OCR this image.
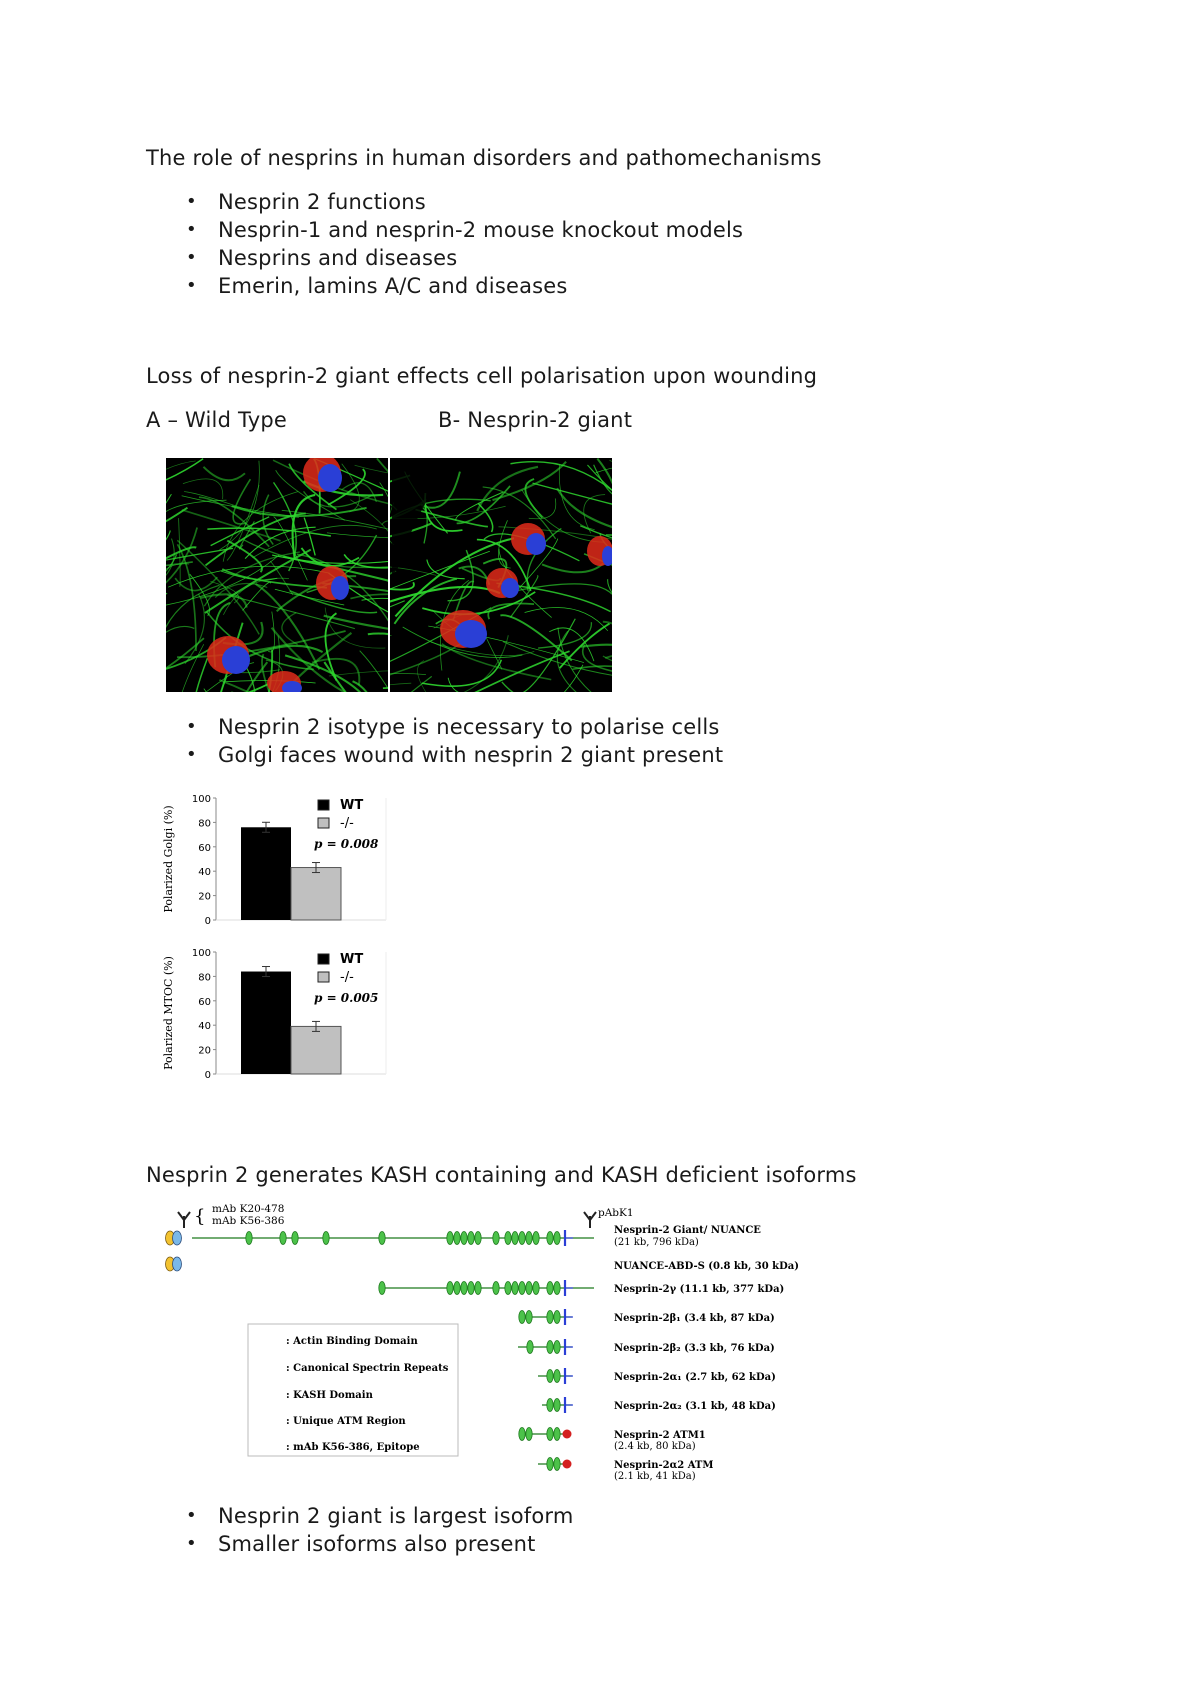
The role of nesprins in human disorders and pathomechanisms
• Nesprin 2 functions
• Nesprin-1 and nesprin-2 mouse knockout models
• Nesprins and diseases
• Emerin, lamins A/C and diseases
Loss of nesprin-2 giant effects cell polarisation upon wounding
A – Wild Type	B- Nesprin-2 giant
• Nesprin 2 isotype is necessary to polarise cells
• Golgi faces wound with nesprin 2 giant present
Polarized Golgi (%)
0
20
40
60
80
100	WT
-/-
p = 0.008
Polarized MTOC (%)
0
20
40
60
80
100	WT
-/-
p = 0.005
Nesprin 2 generates KASH containing and KASH deficient isoforms
{ mAb K20-478
mAb K56-386
pAbK1
Nesprin-2 Giant/ NUANCE
(21 kb, 796 kDa)
NUANCE-ABD-S (0.8 kb, 30 kDa)
Nesprin-2γ (11.1 kb, 377 kDa)
Nesprin-2β₁ (3.4 kb, 87 kDa)
Nesprin-2β₂ (3.3 kb, 76 kDa)
Nesprin-2α₁ (2.7 kb, 62 kDa)
Nesprin-2α₂ (3.1 kb, 48 kDa)
Nesprin-2 ATM1
(2.4 kb, 80 kDa)
Nesprin-2α2 ATM
(2.1 kb, 41 kDa)
: Actin Binding Domain
: Canonical Spectrin Repeats
: KASH Domain
: Unique ATM Region
: mAb K56-386, Epitope
• Nesprin 2 giant is largest isoform
• Smaller isoforms also present
